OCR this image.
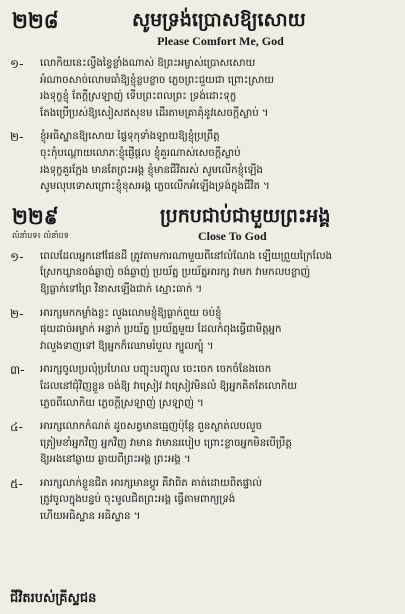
២២៨	សូមទ្រង់ប្រោសឱ្យសោយ
Please Comfort Me, God
១-	លោកិយនេះល្វឹងខ្វៃខ្លាំងណាស់ ឱព្រះអម្ចាស់ប្រោសសោយ
អំណាចសាច់លោមធាំឱ្យខ្ញុំខ្លបខ្លាច ភ្លេចព្រះជួយជា ព្រោះស្រាយ
រងទុក្ខខ្ញុំ តែក្តីស្រឡាញ់ ទើបព្រះពលព្រះ ទ្រង់ដោះទុក្ខ
តែងប្រើប្រស់ឱ្យសៀសឥសុខម ដើរតាមគ្រាគុំនូវសេចក្តីស្លាប់ ។
២-	ខ្ញុំអធិស្ឋានឱ្យសោយ ផ្ទៃទុកុទាំងឡាយឱ្យខ្ញុំប្រព្រឹត្ត
ចុះកុំបណ្តោយលោភៈខ្ញុំផ្ញើផ្តល ខ្ញុំគួរណាស់សេចក្តីស្លាប់
រងទុក្ខគួរក្អែង មានតែព្រះអង្គ ខ្ញុំមានជីវិតរស់ សូមលើកខ្ញុំឡើង
សូមលុបទោសព្រោះខ្ញុំខុសអង្គ ភ្លេចលើកអំឡើងទ្រង់ក្នុងជីវិត ។
២២៩	ប្រកបជាប់ជាមួយព្រះអង្គ
លំនាំបទ៖ លំនាំបទ	Close To God
១-	ពេលដែលអ្នកនៅផែនដី ត្រូវតាមការណាមួយពីនៅលំណែង ឡើយព្រួយក្រៃលែង
ស្រែកឃ្លានចង់ឆ្ងាញ់ ចង់ឆ្ងាញ់ ប្រយ័ត្ន ប្រយ័ត្នអារក្ស វាមក វាមកលបខ្លាញ់
ឱ្យធ្លាក់ទៅព្រៃ វិនាសឡើងជាក់ ស្មោះធាក់ ។
២-	អារក្សមកកម្លាំងខ្លះ លួងលោមខ្ញុំឱ្យធ្លាក់ពួយ ចប់ខ្ញុំ
ផុយដាច់អម្ចាក់ អន្ទាក់ ប្រយ័ត្ន ប្រយ័ត្នមួយ ដែលកំពុងធ្វើជាមិត្តអ្នក
វាលួងទាញទៅ ឱ្យអ្នកក៏ឈោមរំបួល ក្បួលក្បុំ ។
៣-	អារក្សចូលប្រលុំប្រហែល បញ្ចុះបញ្ចូល ចេះចេក ចេកចំនែងចេក
ដែលនៅជុំវិញខ្លួន ចង់ឱ្យ វាស្រៀវ វាស្រៀវមិនលំ ឱ្យអ្នកគិតតែលោកិយ
ភ្លេចពីលោកិយ ភ្លេចក្តីស្រឡាញ់ ស្រឡាញ់ ។
៤-	អារក្សលោកកំណត់ ដូចសត្វមានធ្មេញប៉ុន្តែ ពួនស្ងាត់លបលួច
ត្រៀមខាំអ្នកវិញ អ្នកវិញ វាមាន វាមានរបៀប ព្រោះខ្លាចអ្នកមិនបើប្រឹត្ត
ឱ្យអងនៅឆ្ងាយ ឆ្ងាយពីព្រះអង្គ ព្រះអង្គ ។
៥-	អារក្សលាក់ខ្លួនជិត អារក្សមានប្តូរ គឺវាពិត គាត់ដោយពិតផ្ទាល់
ត្រូវចូលក្នុងបន្ទប់ ចុះមូលជិតព្រះអង្គ ធ្វើតាមពាក្យទ្រង់
ហើយអធិស្ឋាន អធិស្ឋាន ។
ជីវិតរបស់គ្រីស្ទជន
